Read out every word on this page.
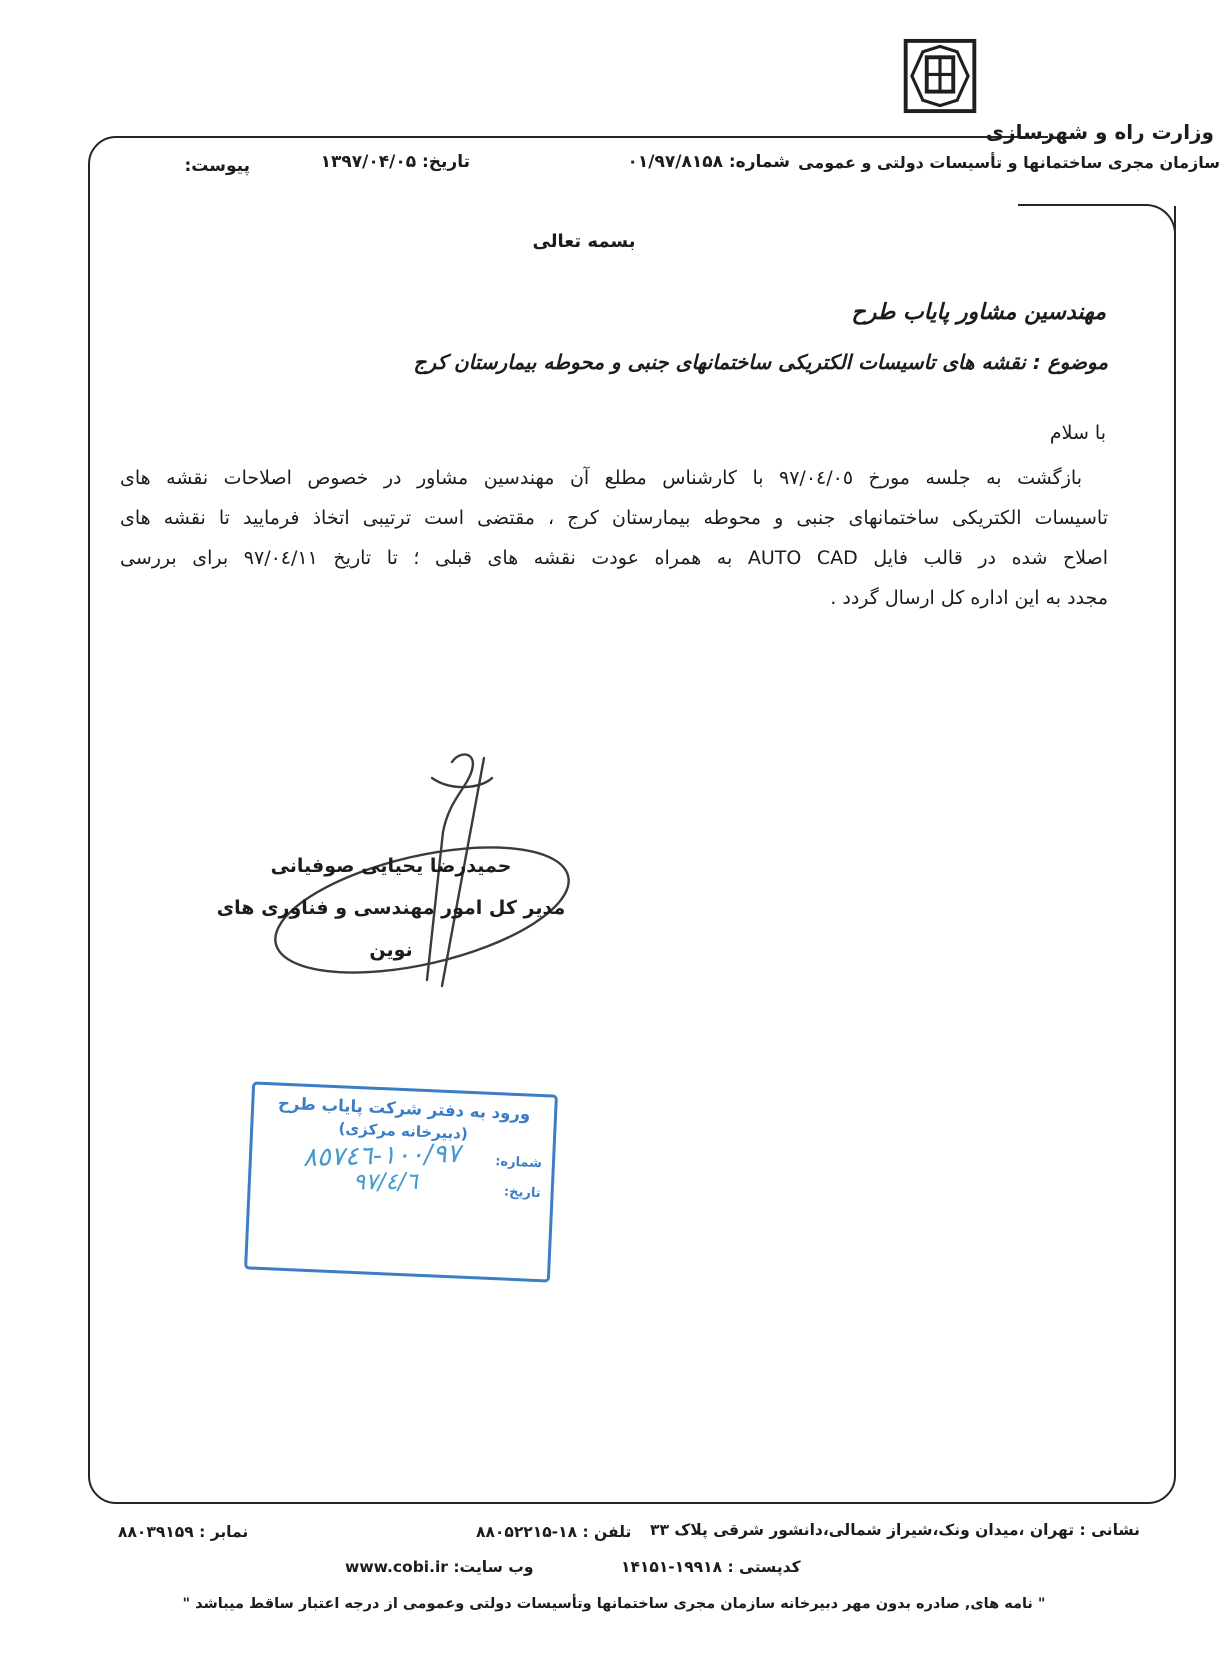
وزارت راه و شهرسازی
سازمان مجری ساختمانها و تأسیسات دولتی و عمومی
شماره: ۰۱/۹۷/۸۱۵۸
تاریخ: ۱۳۹۷/۰۴/۰۵
پیوست:
بسمه تعالی
مهندسین مشاور پایاب طرح
موضوع : نقشه های تاسیسات الکتریکی ساختمانهای جنبی و محوطه بیمارستان کرج
با سلام
بازگشت به جلسه مورخ ٩٧/٠٤/٠٥ با کارشناس مطلع آن مهندسین مشاور در خصوص اصلاحات نقشه های
تاسیسات الکتریکی ساختمانهای جنبی و محوطه بیمارستان کرج ، مقتضی است ترتیبی اتخاذ فرمایید تا نقشه های
اصلاح شده در قالب فایل AUTO CAD به همراه عودت نقشه های قبلی ؛ تا تاریخ ٩٧/٠٤/١١ برای بررسی
مجدد به این اداره کل ارسال گردد .
حمیدرضا یحیایی صوفیانی
مدیر کل امور مهندسی و فناوری های نوین
ورود به دفتر شرکت پایاب طرح
(دبیرخانه مرکزی)
شماره:
١٠٠/٩٧-٨٥٧٤٦
تاریخ:
٩٧/٤/٦
نشانی : تهران ،میدان ونک،شیراز شمالی،دانشور شرقی پلاک ۳۳
تلفن : ۸۸۰۵۲۲۱۵-۱۸
نمابر : ۸۸۰۳۹۱۵۹
کدپستی : ۱۴۱۵۱-۱۹۹۱۸
وب سایت: www.cobi.ir
" نامه های, صادره بدون مهر دبیرخانه سازمان مجری ساختمانها وتأسیسات دولتی وعمومی از درجه اعتبار ساقط میباشد "
